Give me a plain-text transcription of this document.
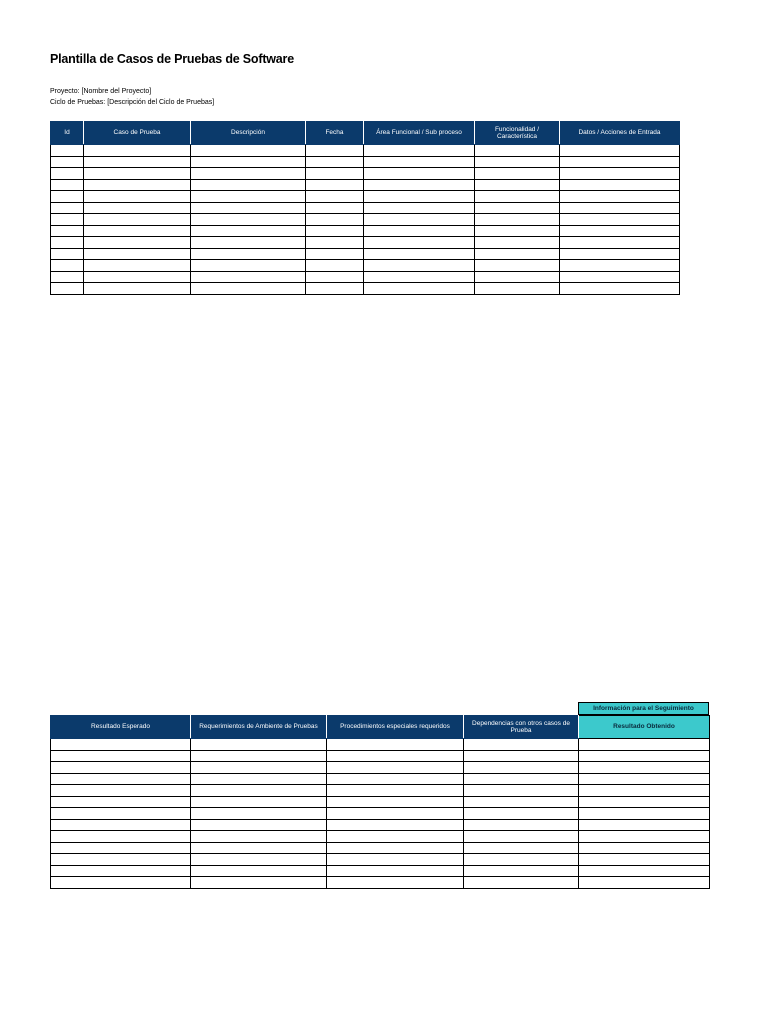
Plantilla de Casos de Pruebas de Software
Proyecto: [Nombre del Proyecto]
Ciclo de Pruebas: [Descripción del Ciclo de Pruebas]
Id	Caso de Prueba	Descripción	Fecha	Área Funcional / Sub proceso	Funcionalidad / Característica	Datos / Acciones de Entrada

Información para el Seguimiento
Resultado Esperado	Requerimientos de Ambiente de Pruebas	Procedimientos especiales requeridos	Dependencias con otros casos de Prueba	Resultado Obtenido
